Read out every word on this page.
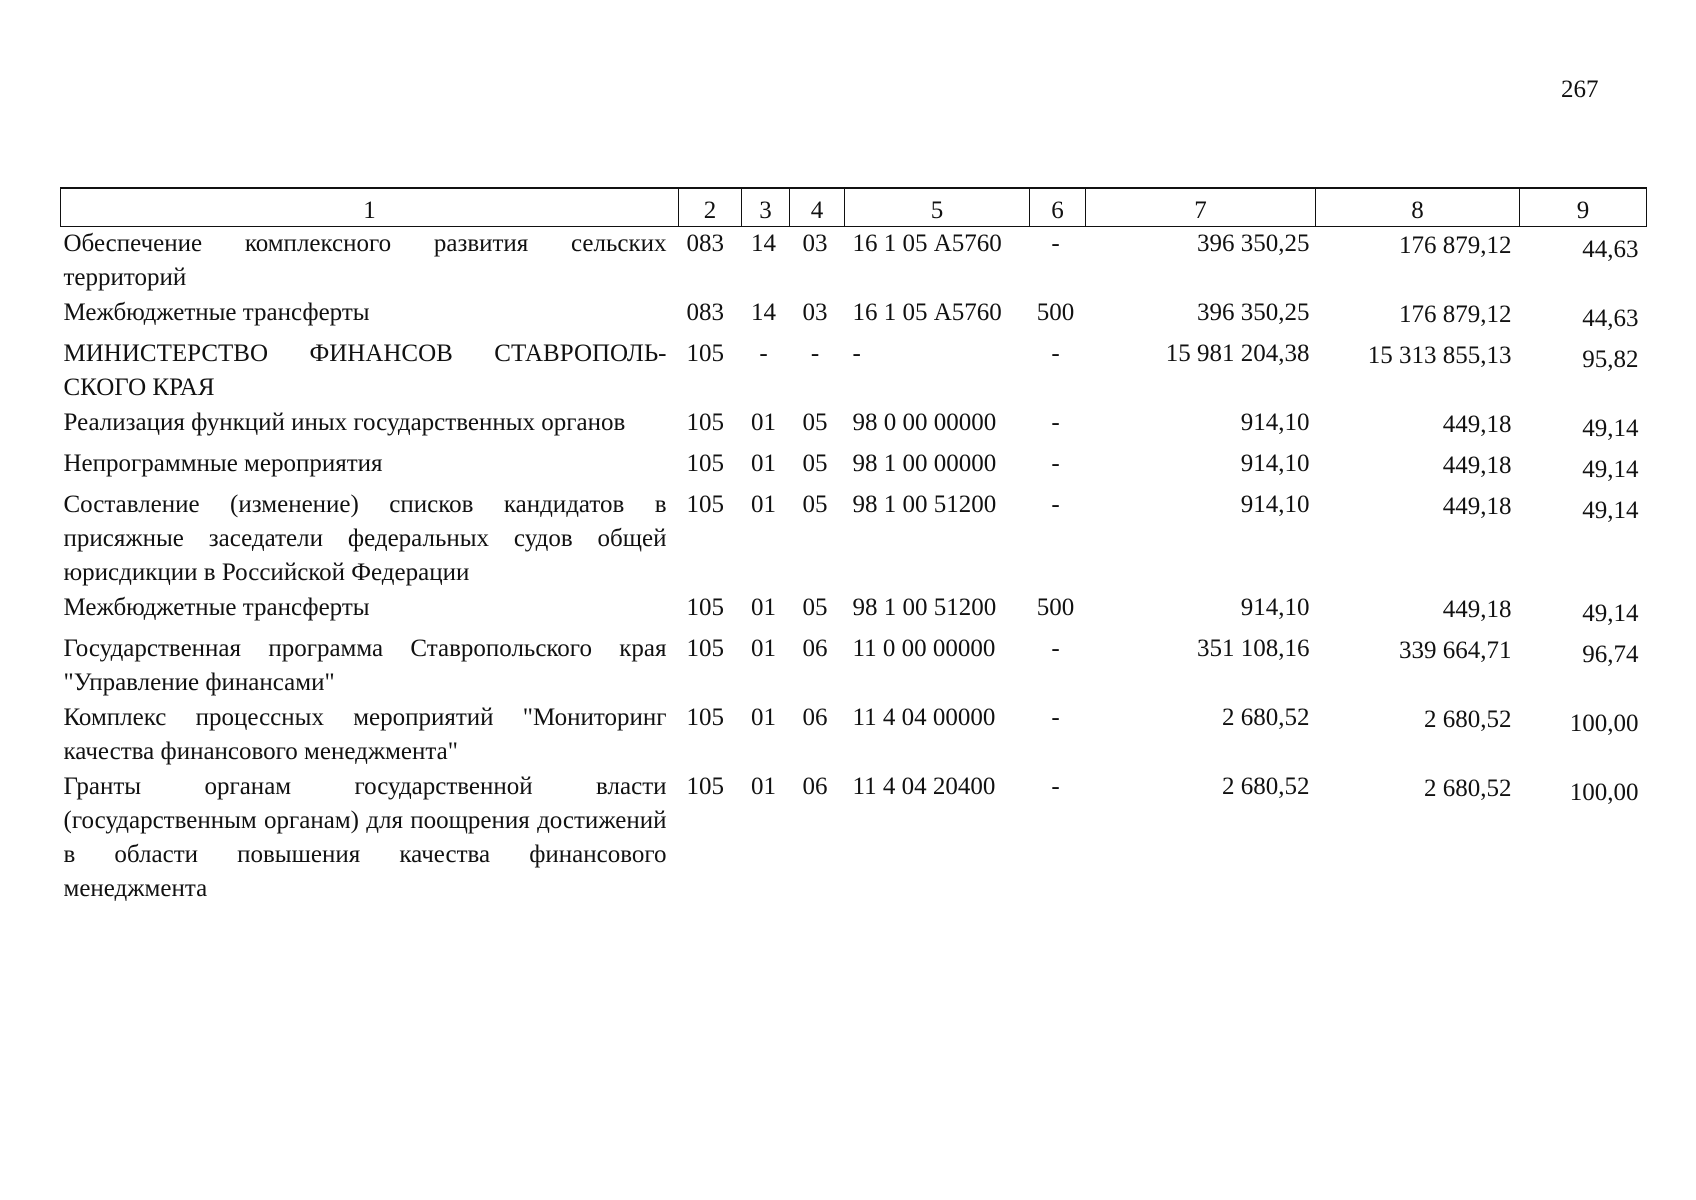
267
1	2	3	4	5	6	7	8	9
Обеспечение комплексного развития сельских территорий	083	14	03	16 1 05 А5760	-	396 350,25	176 879,12	44,63
Межбюджетные трансферты	083	14	03	16 1 05 А5760	500	396 350,25	176 879,12	44,63
МИНИСТЕРСТВО ФИНАНСОВ СТАВРОПОЛЬ-СКОГО КРАЯ	105	-	-	-	-	15 981 204,38	15 313 855,13	95,82
Реализация функций иных государственных органов	105	01	05	98 0 00 00000	-	914,10	449,18	49,14
Непрограммные мероприятия	105	01	05	98 1 00 00000	-	914,10	449,18	49,14
Составление (изменение) списков кандидатов в присяжные заседатели федеральных судов общей юрисдикции в Российской Федерации	105	01	05	98 1 00 51200	-	914,10	449,18	49,14
Межбюджетные трансферты	105	01	05	98 1 00 51200	500	914,10	449,18	49,14
Государственная программа Ставропольского края "Управление финансами"	105	01	06	11 0 00 00000	-	351 108,16	339 664,71	96,74
Комплекс процессных мероприятий "Мониторинг качества финансового менеджмента"	105	01	06	11 4 04 00000	-	2 680,52	2 680,52	100,00
Гранты органам государственной власти (государственным органам) для поощрения достижений в области повышения качества финансового менеджмента	105	01	06	11 4 04 20400	-	2 680,52	2 680,52	100,00
